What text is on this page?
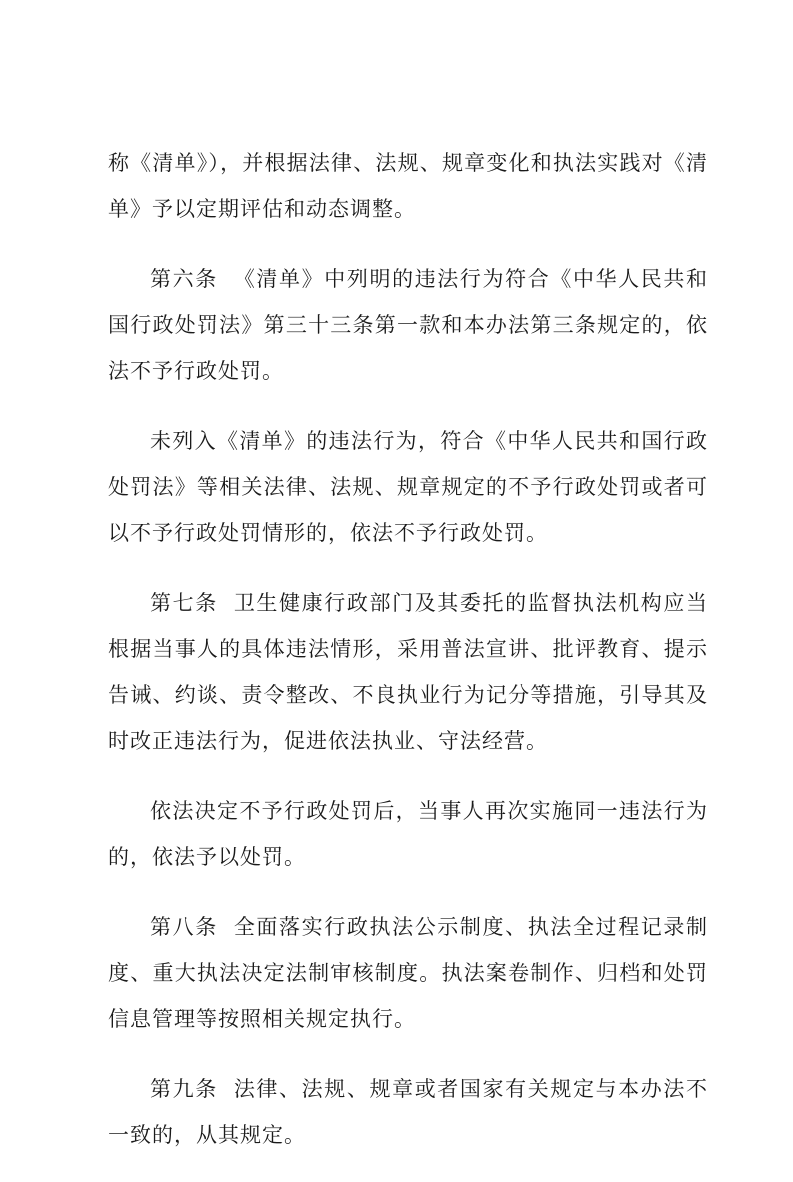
称《清单》），并根据法律、法规、规章变化和执法实践对《清单》予以定期评估和动态调整。

第六条 《清单》中列明的违法行为符合《中华人民共和国行政处罚法》第三十三条第一款和本办法第三条规定的，依法不予行政处罚。

未列入《清单》的违法行为，符合《中华人民共和国行政处罚法》等相关法律、法规、规章规定的不予行政处罚或者可以不予行政处罚情形的，依法不予行政处罚。

第七条 卫生健康行政部门及其委托的监督执法机构应当根据当事人的具体违法情形，采用普法宣讲、批评教育、提示告诫、约谈、责令整改、不良执业行为记分等措施，引导其及时改正违法行为，促进依法执业、守法经营。

依法决定不予行政处罚后，当事人再次实施同一违法行为的，依法予以处罚。

第八条 全面落实行政执法公示制度、执法全过程记录制度、重大执法决定法制审核制度。执法案卷制作、归档和处罚信息管理等按照相关规定执行。

第九条 法律、法规、规章或者国家有关规定与本办法不一致的，从其规定。
